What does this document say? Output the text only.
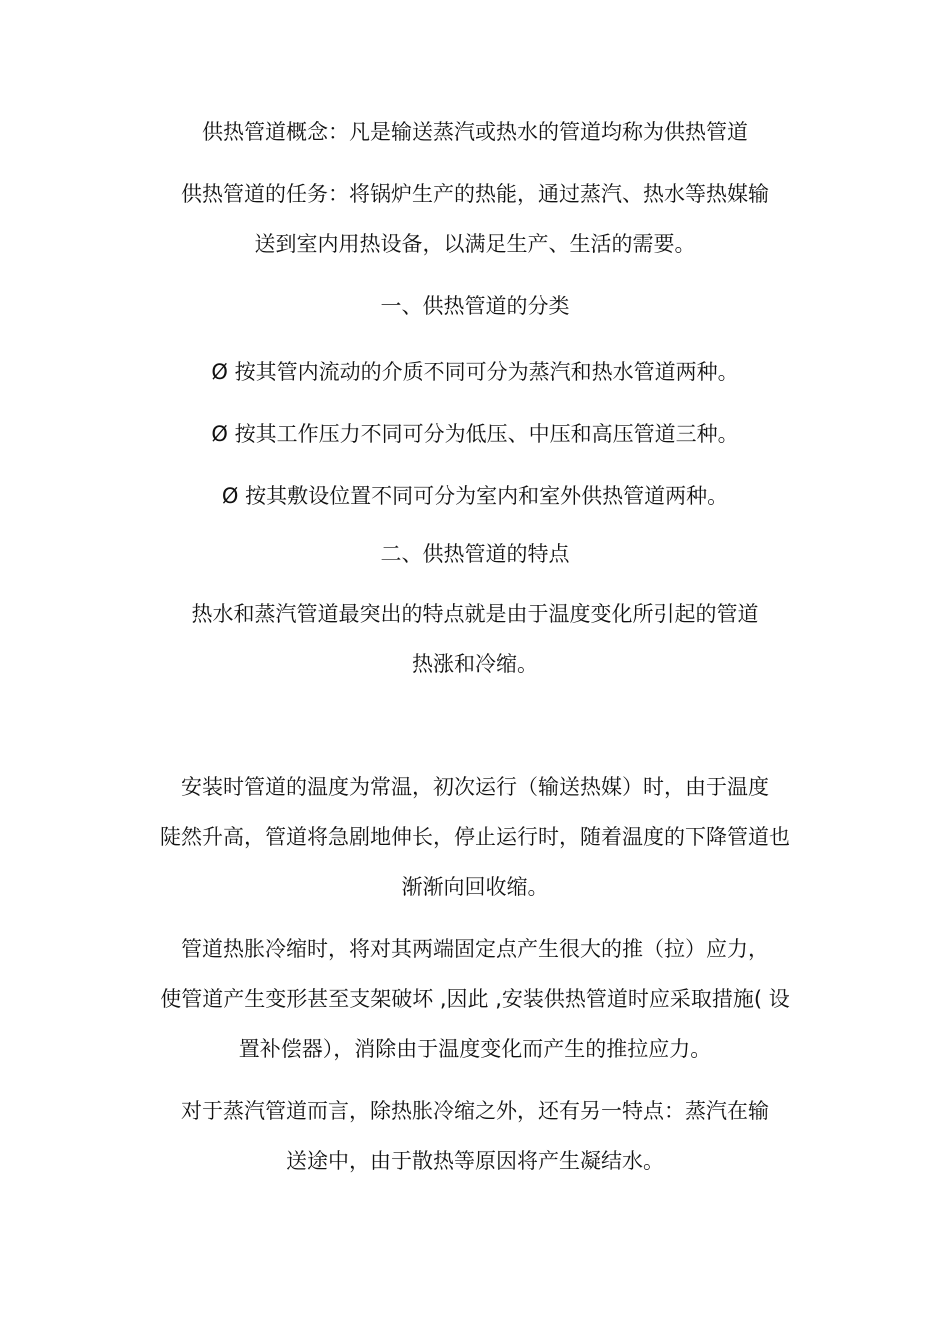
供热管道概念：凡是输送蒸汽或热水的管道均称为供热管道
供热管道的任务：将锅炉生产的热能，通过蒸汽、热水等热媒输
送到室内用热设备，以满足生产、生活的需要。
一、供热管道的分类
Ø 按其管内流动的介质不同可分为蒸汽和热水管道两种。
Ø 按其工作压力不同可分为低压、中压和高压管道三种。
Ø 按其敷设位置不同可分为室内和室外供热管道两种。
二、供热管道的特点
热水和蒸汽管道最突出的特点就是由于温度变化所引起的管道
热涨和冷缩。
安装时管道的温度为常温，初次运行（输送热媒）时，由于温度
陡然升高，管道将急剧地伸长，停止运行时，随着温度的下降管道也
渐渐向回收缩。
管道热胀冷缩时，将对其两端固定点产生很大的推（拉）应力，
使管道产生变形甚至支架破坏 ,因此 ,安装供热管道时应采取措施( 设
置补偿器），消除由于温度变化而产生的推拉应力。
对于蒸汽管道而言，除热胀冷缩之外，还有另一特点：蒸汽在输
送途中，由于散热等原因将产生凝结水。
